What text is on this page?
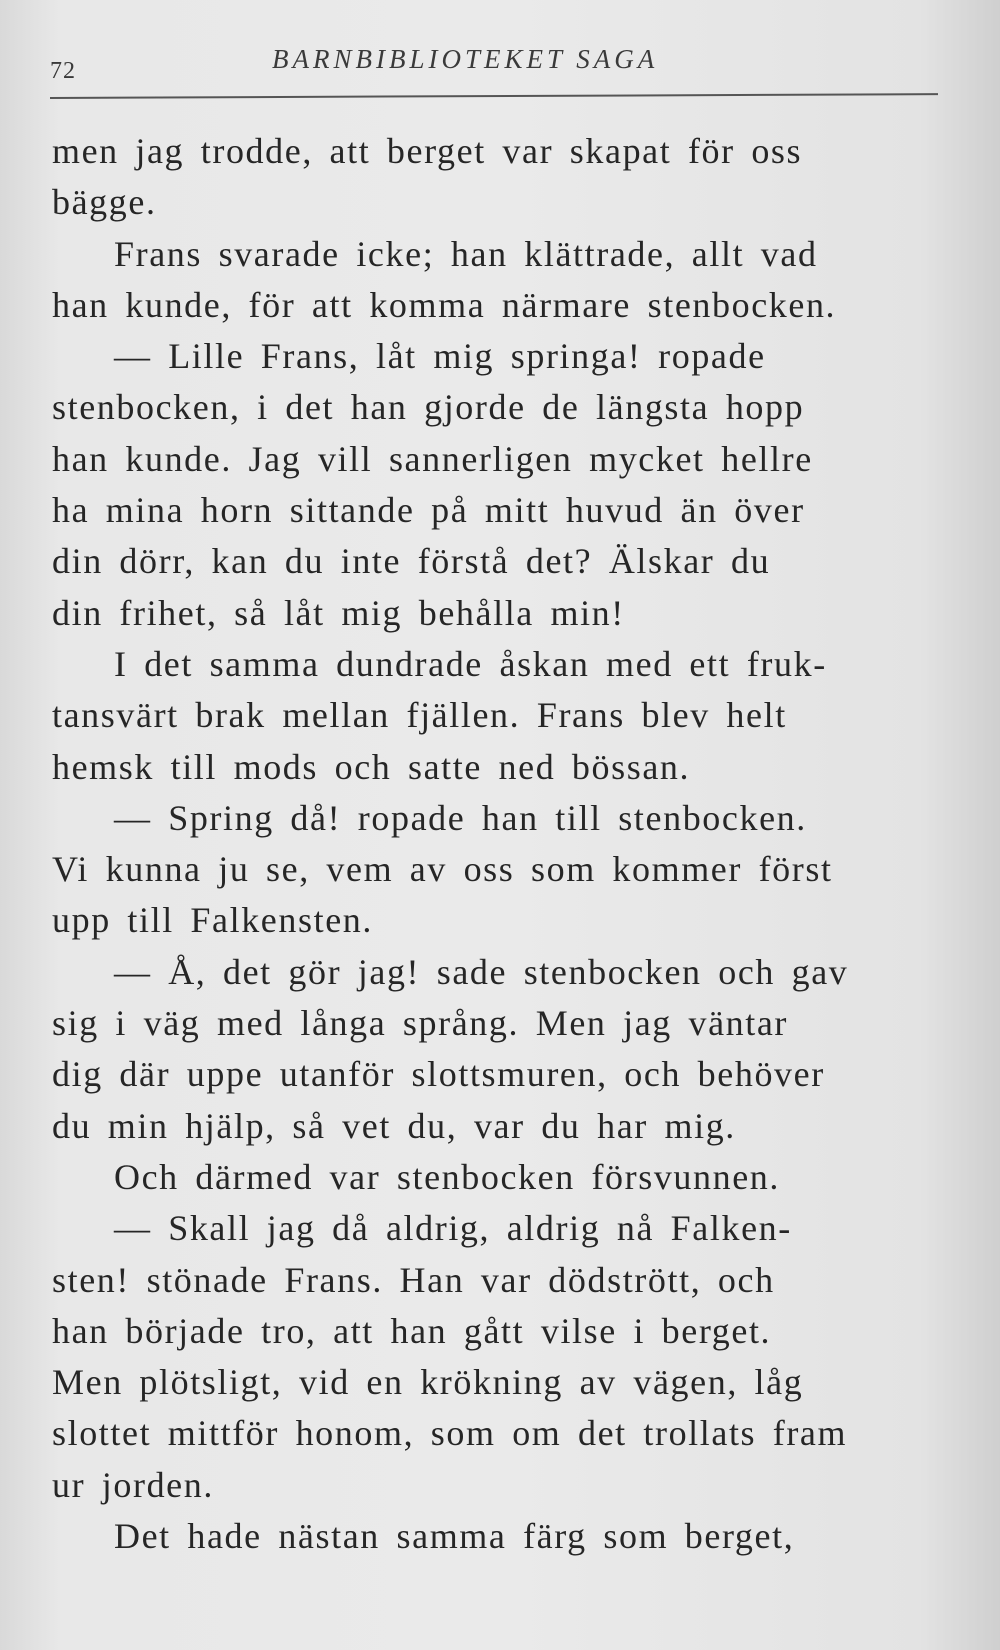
72	BARNBIBLIOTEKET SAGA
men jag trodde, att berget var skapat för oss
bägge.
Frans svarade icke; han klättrade, allt vad
han kunde, för att komma närmare stenbocken.
— Lille Frans, låt mig springa! ropade
stenbocken, i det han gjorde de längsta hopp
han kunde. Jag vill sannerligen mycket hellre
ha mina horn sittande på mitt huvud än över
din dörr, kan du inte förstå det? Älskar du
din frihet, så låt mig behålla min!
I det samma dundrade åskan med ett fruk-
tansvärt brak mellan fjällen. Frans blev helt
hemsk till mods och satte ned bössan.
— Spring då! ropade han till stenbocken.
Vi kunna ju se, vem av oss som kommer först
upp till Falkensten.
— Å, det gör jag! sade stenbocken och gav
sig i väg med långa språng. Men jag väntar
dig där uppe utanför slottsmuren, och behöver
du min hjälp, så vet du, var du har mig.
Och därmed var stenbocken försvunnen.
— Skall jag då aldrig, aldrig nå Falken-
sten! stönade Frans. Han var dödstrött, och
han började tro, att han gått vilse i berget.
Men plötsligt, vid en krökning av vägen, låg
slottet mittför honom, som om det trollats fram
ur jorden.
Det hade nästan samma färg som berget,
